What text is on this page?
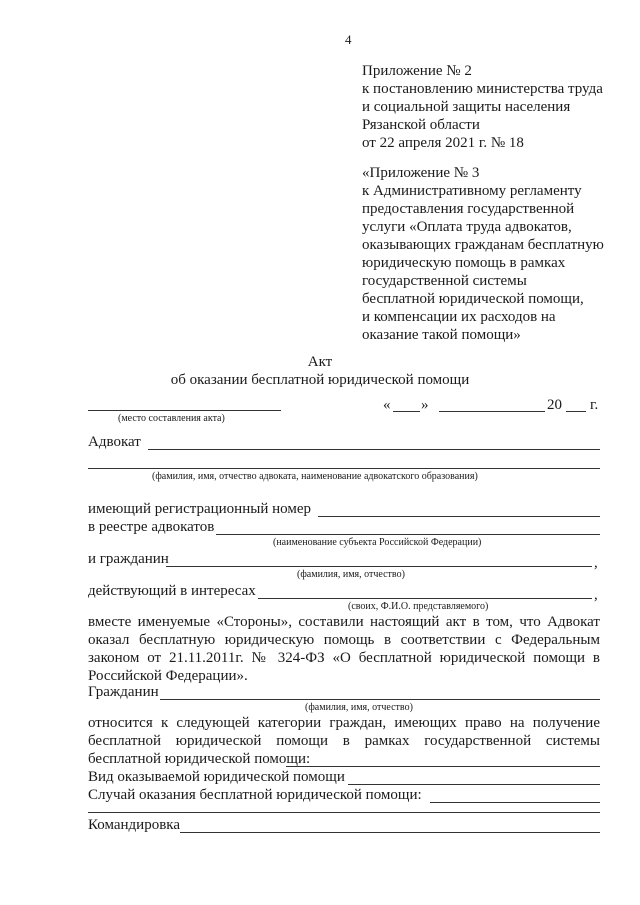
4
Приложение № 2
к постановлению министерства труда
и социальной защиты населения
Рязанской области
от 22 апреля 2021 г. № 18
«Приложение № 3
к Административному регламенту
предоставления государственной
услуги «Оплата труда адвокатов,
оказывающих гражданам бесплатную
юридическую помощь в рамках
государственной системы
бесплатной юридической помощи,
и компенсации их расходов на
оказание такой помощи»
Акт
об оказании бесплатной юридической помощи
(место составления акта)
« »	20 г.
Адвокат
(фамилия, имя, отчество адвоката, наименование адвокатского образования)
имеющий регистрационный номер
в реестре адвокатов
(наименование субъекта Российской Федерации)
и гражданин	,
(фамилия, имя, отчество)
действующий в интересах	,
(своих, Ф.И.О. представляемого)
вместе именуемые «Стороны», составили настоящий акт в том, что Адвокат
оказал бесплатную юридическую помощь в соответствии с Федеральным
законом от 21.11.2011г. № 324-ФЗ «О бесплатной юридической помощи в
Российской Федерации».
Гражданин
(фамилия, имя, отчество)
относится к следующей категории граждан, имеющих право на получение
бесплатной юридической помощи в рамках государственной системы
бесплатной юридической помощи:
Вид оказываемой юридической помощи
Случай оказания бесплатной юридической помощи:
Командировка
